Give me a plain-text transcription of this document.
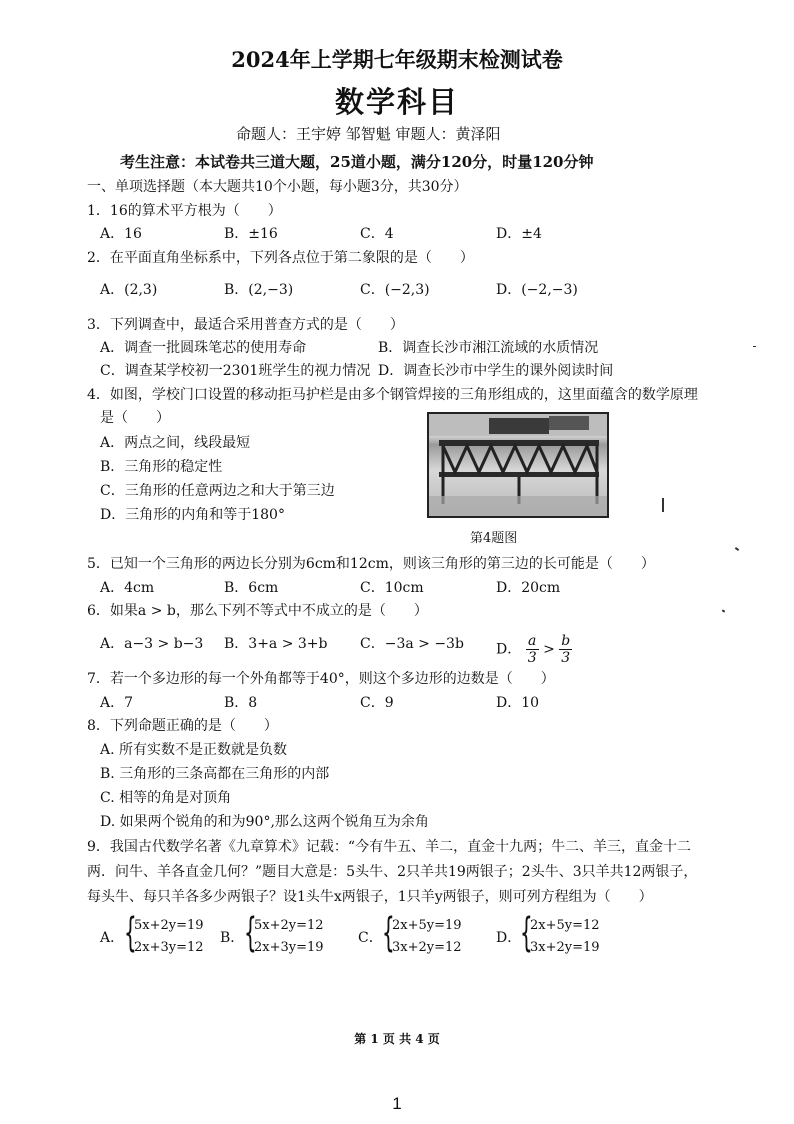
2024年上学期七年级期末检测试卷
数学科目
命题人：王宇婷 邹智魁 审题人：黄泽阳
考生注意：本试卷共三道大题，25道小题，满分120分，时量120分钟
一、单项选择题（本大题共10个小题，每小题3分，共30分）
1．16的算术平方根为（　　）
A．16	B．±16	C．4	D．±4
2．在平面直角坐标系中，下列各点位于第二象限的是（　　）
A．(2,3)	B．(2,−3)	C．(−2,3)	D．(−2,−3)
3．下列调查中，最适合采用普查方式的是（　　）
A．调查一批圆珠笔芯的使用寿命	B．调查长沙市湘江流域的水质情况
C．调查某学校初一2301班学生的视力情况 D．调查长沙市中学生的课外阅读时间
4．如图，学校门口设置的移动拒马护栏是由多个钢管焊接的三角形组成的，这里面蕴含的数学原理
是（　　）
A．两点之间，线段最短
B．三角形的稳定性
C．三角形的任意两边之和大于第三边
D．三角形的内角和等于180°
第4题图
5．已知一个三角形的两边长分别为6cm和12cm，则该三角形的第三边的长可能是（　　）
A．4cm	B．6cm	C．10cm	D．20cm
6．如果a > b，那么下列不等式中不成立的是（　　）
A．a−3 > b−3 B．3+a > 3+b C．−3a > −3b D． $\frac{a}{3} > \frac{b}{3}$
7．若一个多边形的每一个外角都等于40°，则这个多边形的边数是（　　）
A．7	B．8	C．9	D．10
8．下列命题正确的是（　　）
A. 所有实数不是正数就是负数
B. 三角形的三条高都在三角形的内部
C. 相等的角是对顶角
D. 如果两个锐角的和为90°,那么这两个锐角互为余角
9．我国古代数学名著《九章算术》记载：“今有牛五、羊二，直金十九两；牛二、羊三，直金十二
两．问牛、羊各直金几何？”题目大意是：5头牛、2只羊共19两银子；2头牛、3只羊共12两银子，
每头牛、每只羊各多少两银子？设1头牛x两银子，1只羊y两银子，则可列方程组为（　　）
A． {
5x+2y=19
2x+3y=12
B． {
5x+2y=12
2x+3y=19
C． {
2x+5y=19
3x+2y=12
D．
{
2x+5y=12
3x+2y=19
第 1 页 共 4 页
1
